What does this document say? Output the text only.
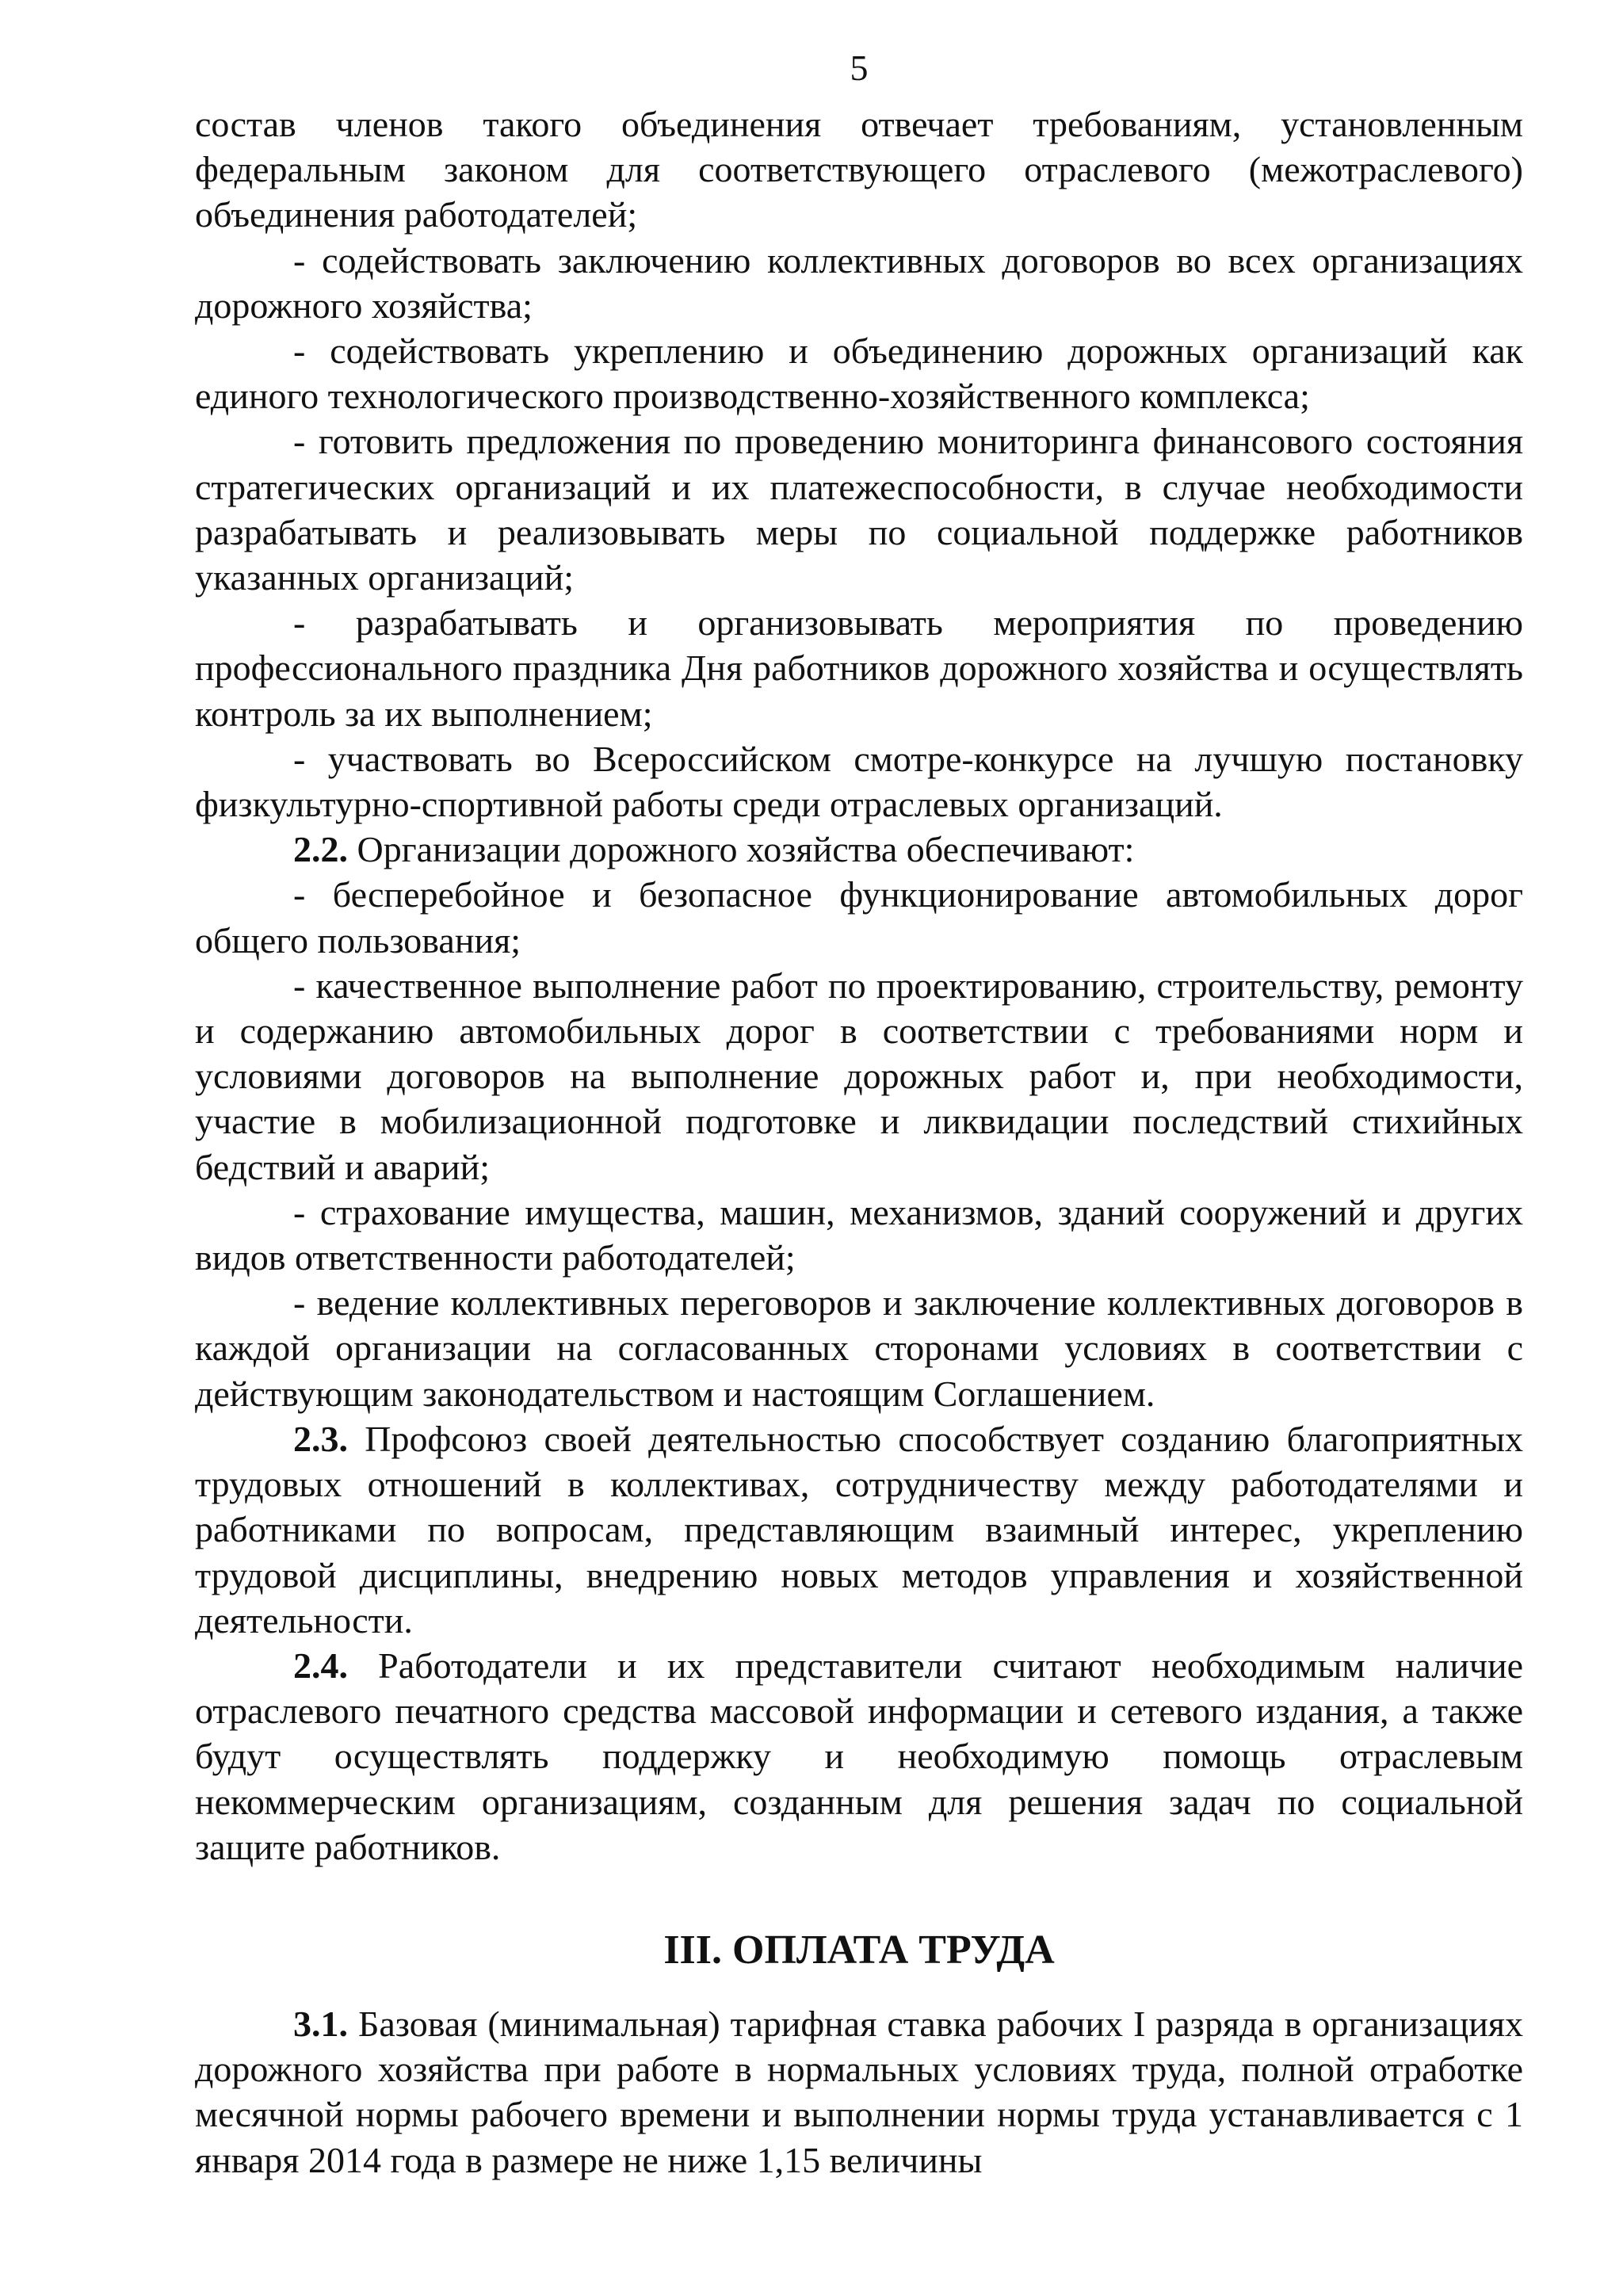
5

состав членов такого объединения отвечает требованиям, установленным федеральным законом для соответствующего отраслевого (межотраслевого) объединения работодателей;

- содействовать заключению коллективных договоров во всех организациях дорожного хозяйства;

- содействовать укреплению и объединению дорожных организаций как единого технологического производственно-хозяйственного комплекса;

- готовить предложения по проведению мониторинга финансового состояния стратегических организаций и их платежеспособности, в случае необходимости разрабатывать и реализовывать меры по социальной поддержке работников указанных организаций;

- разрабатывать и организовывать мероприятия по проведению профессионального праздника Дня работников дорожного хозяйства и осуществлять контроль за их выполнением;

- участвовать во Всероссийском смотре-конкурсе на лучшую постановку физкультурно-спортивной работы среди отраслевых организаций.

2.2. Организации дорожного хозяйства обеспечивают:

- бесперебойное и безопасное функционирование автомобильных дорог общего пользования;

- качественное выполнение работ по проектированию, строительству, ремонту и содержанию автомобильных дорог в соответствии с требованиями норм и условиями договоров на выполнение дорожных работ и, при необходимости, участие в мобилизационной подготовке и ликвидации последствий стихийных бедствий и аварий;

- страхование имущества, машин, механизмов, зданий сооружений и других видов ответственности работодателей;

- ведение коллективных переговоров и заключение коллективных договоров в каждой организации на согласованных сторонами условиях в соответствии с действующим законодательством и настоящим Соглашением.

2.3. Профсоюз своей деятельностью способствует созданию благоприятных трудовых отношений в коллективах, сотрудничеству между работодателями и работниками по вопросам, представляющим взаимный интерес, укреплению трудовой дисциплины, внедрению новых методов управления и хозяйственной деятельности.

2.4. Работодатели и их представители считают необходимым наличие отраслевого печатного средства массовой информации и сетевого издания, а также будут осуществлять поддержку и необходимую помощь отраслевым некоммерческим организациям, созданным для решения задач по социальной защите работников.

III. ОПЛАТА ТРУДА

3.1. Базовая (минимальная) тарифная ставка рабочих I разряда в организациях дорожного хозяйства при работе в нормальных условиях труда, полной отработке месячной нормы рабочего времени и выполнении нормы труда устанавливается с 1 января 2014 года в размере не ниже 1,15 величины
